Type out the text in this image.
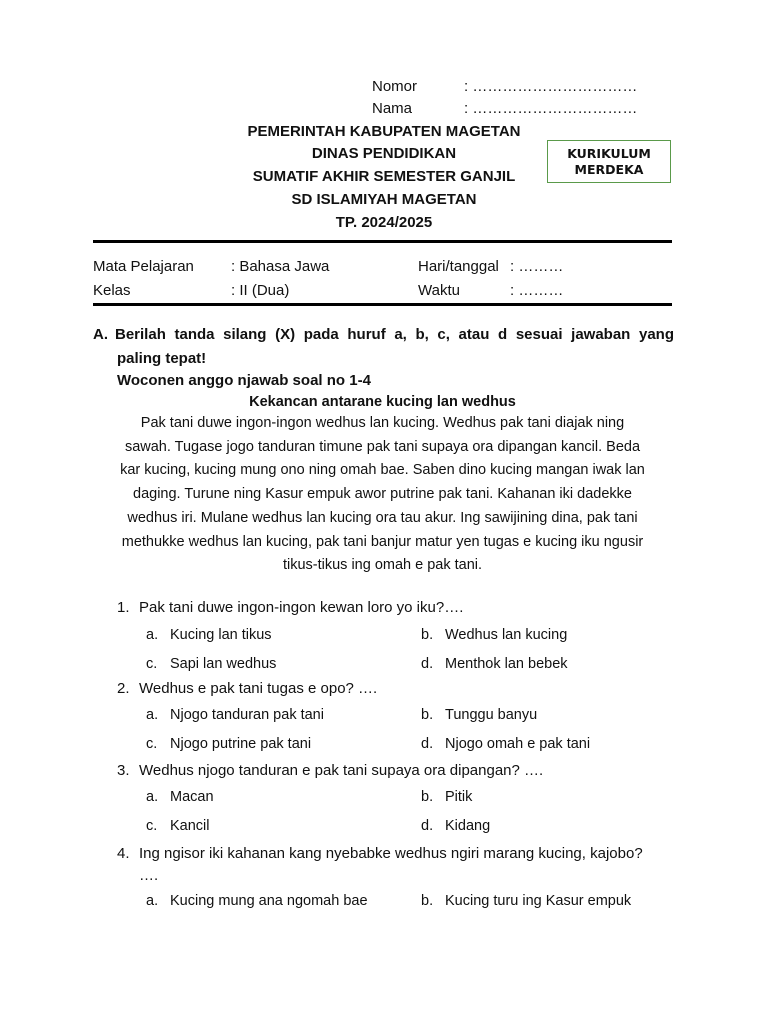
Nomor	: ……………………………
Nama	: ……………………………
PEMERINTAH KABUPATEN MAGETAN
DINAS PENDIDIKAN
SUMATIF AKHIR SEMESTER GANJIL
SD ISLAMIYAH MAGETAN
TP. 2024/2025
KURIKULUM
MERDEKA
Mata Pelajaran : Bahasa Jawa	Hari/tanggal : ………
Kelas	: II (Dua)	Waktu	: ………
A. Berilah tanda silang (X) pada huruf a, b, c, atau d sesuai jawaban yang
paling tepat!
Woconen anggo njawab soal no 1-4
Kekancan antarane kucing lan wedhus
Pak tani duwe ingon-ingon wedhus lan kucing. Wedhus pak tani diajak ning
sawah. Tugase jogo tanduran timune pak tani supaya ora dipangan kancil. Beda
kar kucing, kucing mung ono ning omah bae. Saben dino kucing mangan iwak lan
daging. Turune ning Kasur empuk awor putrine pak tani. Kahanan iki dadekke
wedhus iri. Mulane wedhus lan kucing ora tau akur. Ing sawijining dina, pak tani
methukke wedhus lan kucing, pak tani banjur matur yen tugas e kucing iku ngusir
tikus-tikus ing omah e pak tani.
1. Pak tani duwe ingon-ingon kewan loro yo iku?….
a. Kucing lan tikus	b. Wedhus lan kucing
c. Sapi lan wedhus	d. Menthok lan bebek
2. Wedhus e pak tani tugas e opo? ….
a. Njogo tanduran pak tani	b. Tunggu banyu
c. Njogo putrine pak tani	d. Njogo omah e pak tani
3. Wedhus njogo tanduran e pak tani supaya ora dipangan? ….
a. Macan	b. Pitik
c. Kancil	d. Kidang
4. Ing ngisor iki kahanan kang nyebabke wedhus ngiri marang kucing, kajobo?
….
a. Kucing mung ana ngomah bae	b. Kucing turu ing Kasur empuk
